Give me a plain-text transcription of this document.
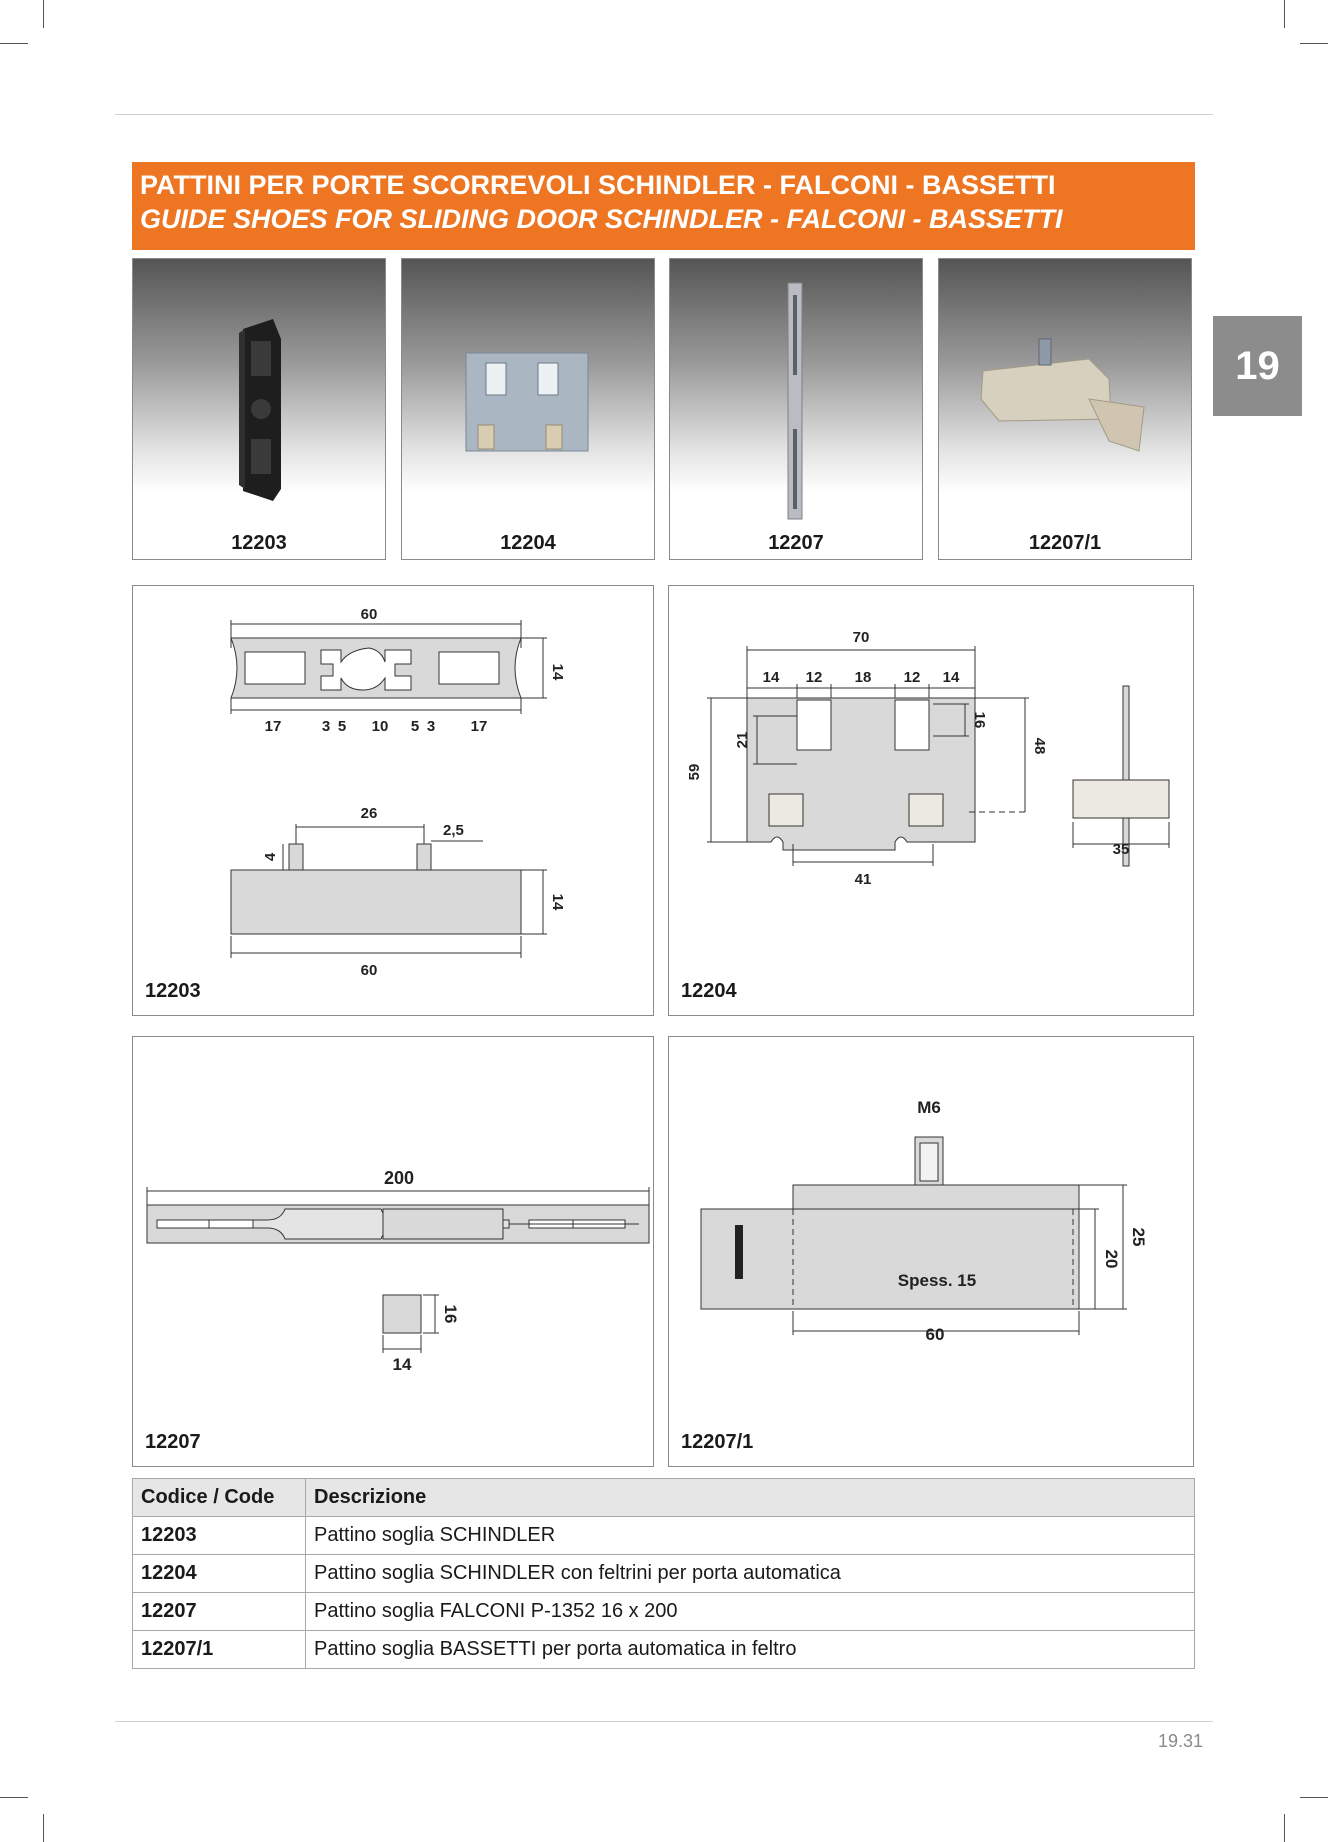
PATTINI PER PORTE SCORREVOLI SCHINDLER - FALCONI - BASSETTI
GUIDE SHOES FOR SLIDING DOOR SCHINDLER - FALCONI - BASSETTI
19
12203	12204	12207	12207/1
60
14
17	3 5 10 5 3 17
26
2,5
4
14
60
12203
70
14 12 18 12 14
59
21
16
48
41
35
12204
200
16
14
12207
M6
Spess. 15
60
20
25
12207/1
Codice / Code	Descrizione
12203	Pattino soglia SCHINDLER
12204	Pattino soglia SCHINDLER con feltrini per porta automatica
12207	Pattino soglia FALCONI P-1352 16 x 200
12207/1	Pattino soglia BASSETTI per porta automatica in feltro
19.31
